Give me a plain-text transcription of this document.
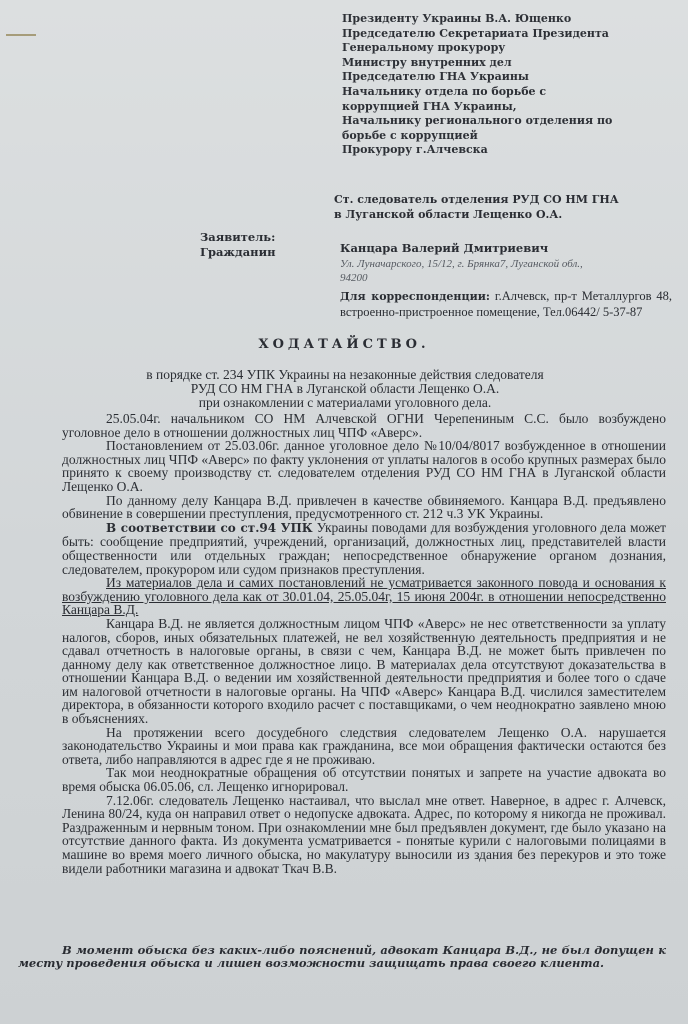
Президенту Украины В.А. Ющенко
Председателю Секретариата Президента
Генеральному прокурору
Министру внутренних дел
Председателю ГНА Украины
Начальнику отдела по борьбе с
коррупцией ГНА Украины,
Начальнику регионального отделения по
борьбе с коррупцией
Прокурору г.Алчевска
Ст. следователь отделения РУД СО НМ ГНА
в Луганской области Лещенко О.А.
Заявитель:
Гражданин	Канцара Валерий Дмитриевич
Ул. Луначарского, 15/12, г. Брянка7, Луганской обл.,
94200
Для корреспонденции: г.Алчевск, пр-т Металлургов 48, встроенно-пристроенное помещение, Тел.06442/ 5-37-87
ХОДАТАЙСТВО.
в порядке ст. 234 УПК Украины на незаконные действия следователя
РУД СО НМ ГНА в Луганской области Лещенко О.А.
при ознакомлении с материалами уголовного дела.

25.05.04г. начальником СО НМ Алчевской ОГНИ Черепениным С.С. было возбуждено уголовное дело в отношении должностных лиц ЧПФ «Аверс».

Постановлением от 25.03.06г. данное уголовное дело №10/04/8017 возбужденное в отношении должностных лиц ЧПФ «Аверс» по факту уклонения от уплаты налогов в особо крупных размерах было принято к своему производству ст. следователем отделения РУД СО НМ ГНА в Луганской области Лещенко О.А.

По данному делу Канцара В.Д. привлечен в качестве обвиняемого. Канцара В.Д. предъявлено обвинение в совершении преступления, предусмотренного ст. 212 ч.3 УК Украины.

В соответствии со ст.94 УПК Украины поводами для возбуждения уголовного дела может быть: сообщение предприятий, учреждений, организаций, должностных лиц, представителей власти общественности или отдельных граждан; непосредственное обнаружение органом дознания, следователем, прокурором или судом признаков преступления.

Из материалов дела и самих постановлений не усматривается законного повода и основания к возбуждению уголовного дела как от 30.01.04, 25.05.04г, 15 июня 2004г. в отношении непосредственно Канцара В.Д.

Канцара В.Д. не является должностным лицом ЧПФ «Аверс» не нес ответственности за уплату налогов, сборов, иных обязательных платежей, не вел хозяйственную деятельность предприятия и не сдавал отчетность в налоговые органы, в связи с чем, Канцара В.Д. не может быть привлечен по данному делу как ответственное должностное лицо. В материалах дела отсутствуют доказательства в отношении Канцара В.Д. о ведении им хозяйственной деятельности предприятия и более того о сдаче им налоговой отчетности в налоговые органы. На ЧПФ «Аверс» Канцара В.Д. числился заместителем директора, в обязанности которого входило расчет с поставщиками, о чем неоднократно заявлено мною в объяснениях.

На протяжении всего досудебного следствия следователем Лещенко О.А. нарушается законодательство Украины и мои права как гражданина, все мои обращения фактически остаются без ответа, либо направляются в адрес где я не проживаю.

Так мои неоднократные обращения об отсутствии понятых и запрете на участие адвоката во время обыска 06.05.06, сл. Лещенко игнорировал.

7.12.06г. следователь Лещенко настаивал, что выслал мне ответ. Наверное, в адрес г. Алчевск, Ленина 80/24, куда он направил ответ о недопуске адвоката. Адрес, по которому я никогда не проживал. Раздраженным и нервным тоном. При ознакомлении мне был предъявлен документ, где было указано на отсутствие данного факта. Из документа усматривается - понятые курили с налоговыми полицаями в машине во время моего личного обыска, но макулатуру выносили из здания без перекуров и это тоже видели работники магазина и адвокат Ткач В.В.

В момент обыска без каких-либо пояснений, адвокат Канцара В.Д., не был допущен к месту проведения обыска и лишен возможности защищать права своего клиента.
